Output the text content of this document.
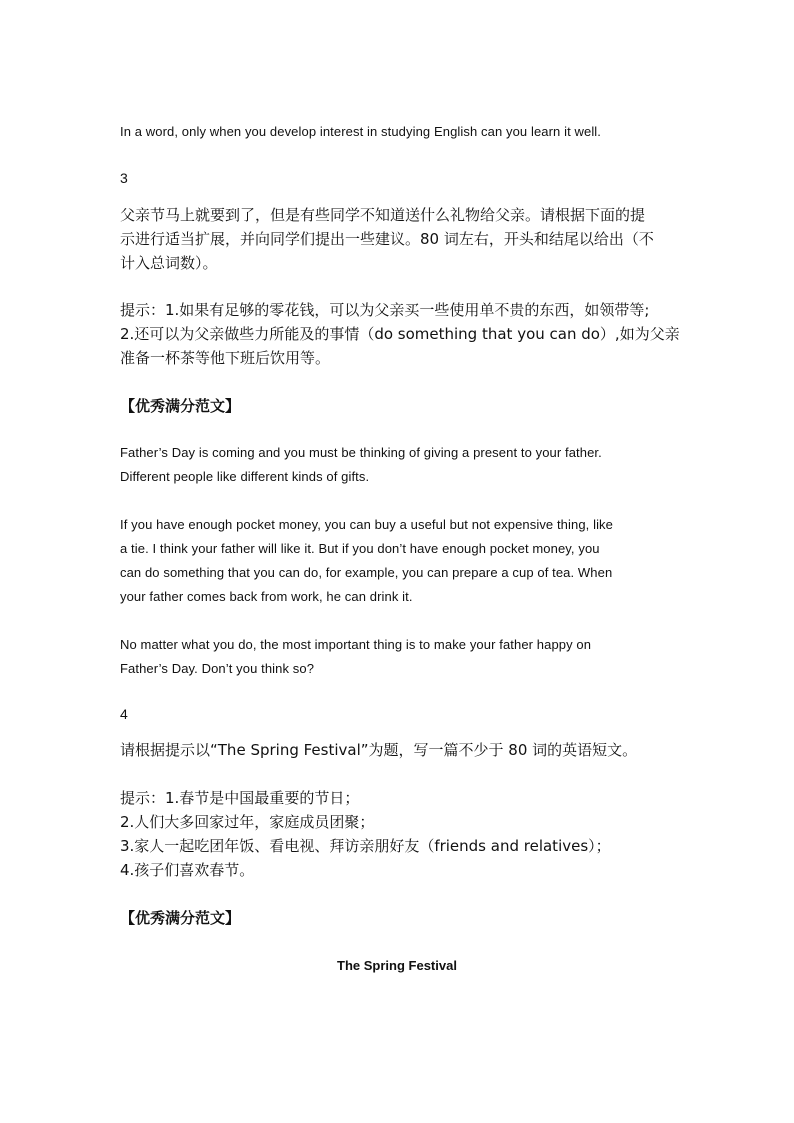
In a word, only when you develop interest in studying English can you learn it well.
3
父亲节马上就要到了，但是有些同学不知道送什么礼物给父亲。请根据下面的提
示进行适当扩展，并向同学们提出一些建议。80 词左右，开头和结尾以给出（不
计入总词数）。
提示：1.如果有足够的零花钱，可以为父亲买一些使用单不贵的东西，如领带等;
2.还可以为父亲做些力所能及的事情（do something that you can do）,如为父亲
准备一杯茶等他下班后饮用等。
【优秀满分范文】
Father’s Day is coming and you must be thinking of giving a present to your father.
Different people like different kinds of gifts.
If you have enough pocket money, you can buy a useful but not expensive thing, like
a tie. I think your father will like it. But if you don’t have enough pocket money, you
can do something that you can do, for example, you can prepare a cup of tea. When
your father comes back from work, he can drink it.
No matter what you do, the most important thing is to make your father happy on
Father’s Day. Don’t you think so?
4
请根据提示以“The Spring Festival”为题，写一篇不少于 80 词的英语短文。
提示：1.春节是中国最重要的节日；
2.人们大多回家过年，家庭成员团聚；
3.家人一起吃团年饭、看电视、拜访亲朋好友（friends and relatives）；
4.孩子们喜欢春节。
【优秀满分范文】
The Spring Festival
